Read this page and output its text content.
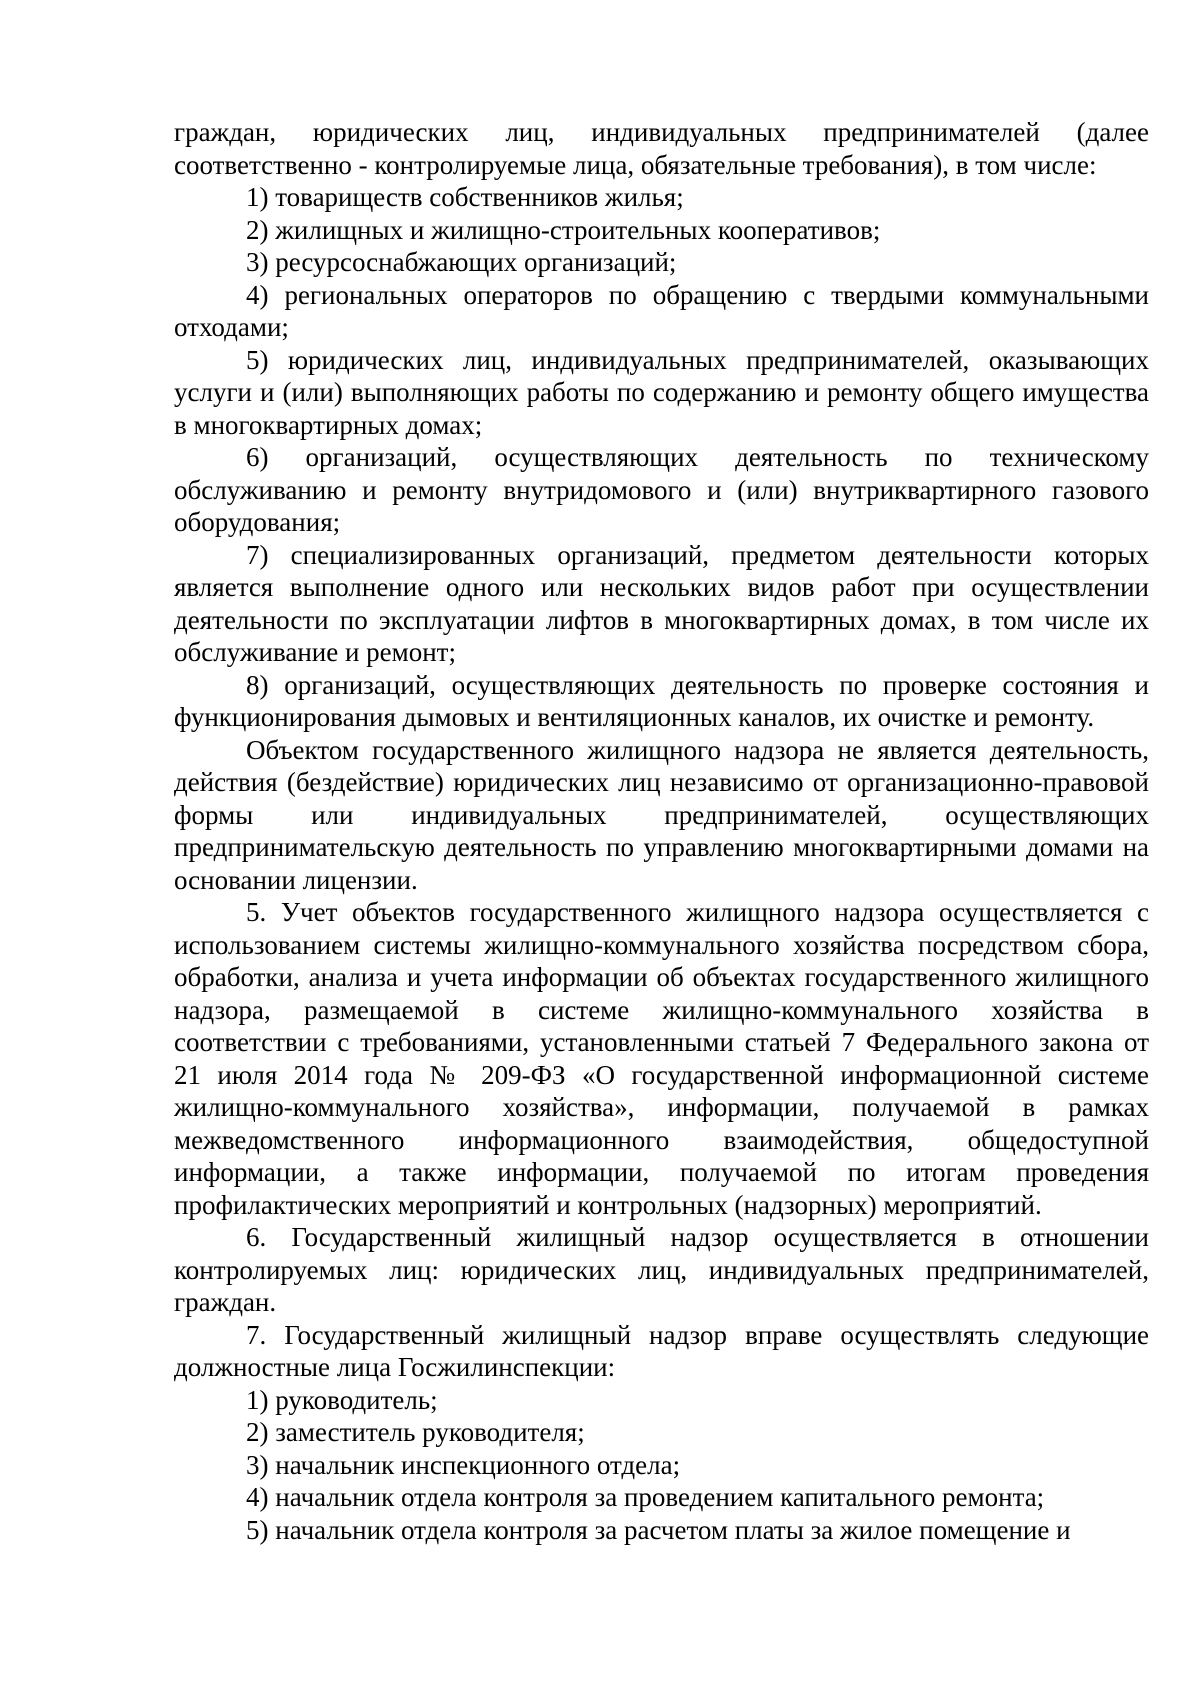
граждан, юридических лиц, индивидуальных предпринимателей (далее соответственно - контролируемые лица, обязательные требования), в том числе:

1) товариществ собственников жилья;

2) жилищных и жилищно-строительных кооперативов;

3) ресурсоснабжающих организаций;

4) региональных операторов по обращению с твердыми коммунальными отходами;

5) юридических лиц, индивидуальных предпринимателей, оказывающих услуги и (или) выполняющих работы по содержанию и ремонту общего имущества в многоквартирных домах;

6) организаций, осуществляющих деятельность по техническому обслуживанию и ремонту внутридомового и (или) внутриквартирного газового оборудования;

7) специализированных организаций, предметом деятельности которых является выполнение одного или нескольких видов работ при осуществлении деятельности по эксплуатации лифтов в многоквартирных домах, в том числе их обслуживание и ремонт;

8) организаций, осуществляющих деятельность по проверке состояния и функционирования дымовых и вентиляционных каналов, их очистке и ремонту.

Объектом государственного жилищного надзора не является деятельность, действия (бездействие) юридических лиц независимо от организационно-правовой формы или индивидуальных предпринимателей, осуществляющих предпринимательскую деятельность по управлению многоквартирными домами на основании лицензии.

5. Учет объектов государственного жилищного надзора осуществляется с использованием системы жилищно-коммунального хозяйства посредством сбора, обработки, анализа и учета информации об объектах государственного жилищного надзора, размещаемой в системе жилищно-коммунального хозяйства в соответствии с требованиями, установленными статьей 7 Федерального закона от 21 июля 2014 года № 209-ФЗ «О государственной информационной системе жилищно-коммунального хозяйства», информации, получаемой в рамках межведомственного информационного взаимодействия, общедоступной информации, а также информации, получаемой по итогам проведения профилактических мероприятий и контрольных (надзорных) мероприятий.

6. Государственный жилищный надзор осуществляется в отношении контролируемых лиц: юридических лиц, индивидуальных предпринимателей, граждан.

7. Государственный жилищный надзор вправе осуществлять следующие должностные лица Госжилинспекции:

1) руководитель;

2) заместитель руководителя;

3) начальник инспекционного отдела;

4) начальник отдела контроля за проведением капитального ремонта;

5) начальник отдела контроля за расчетом платы за жилое помещение и
